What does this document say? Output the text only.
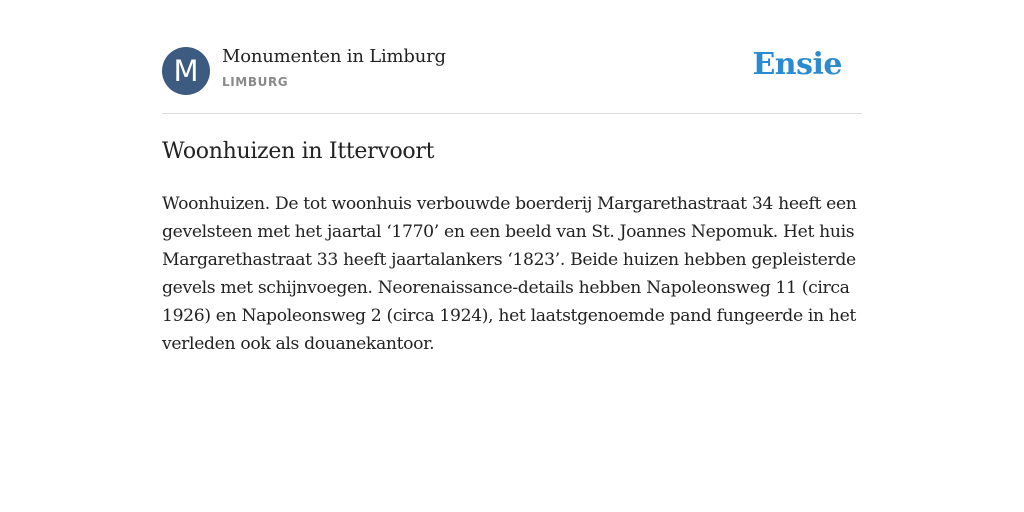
M	Monumenten in Limburg
LIMBURG	Ensie
Woonhuizen in Ittervoort

Woonhuizen. De tot woonhuis verbouwde boerderij Margarethastraat 34 heeft een gevelsteen met het jaartal ‘1770’ en een beeld van St. Joannes Nepomuk. Het huis Margarethastraat 33 heeft jaartalankers ‘1823’. Beide huizen hebben gepleisterde gevels met schijnvoegen. Neorenaissance-details hebben Napoleonsweg 11 (circa 1926) en Napoleonsweg 2 (circa 1924), het laatstgenoemde pand fungeerde in het verleden ook als douanekantoor.
